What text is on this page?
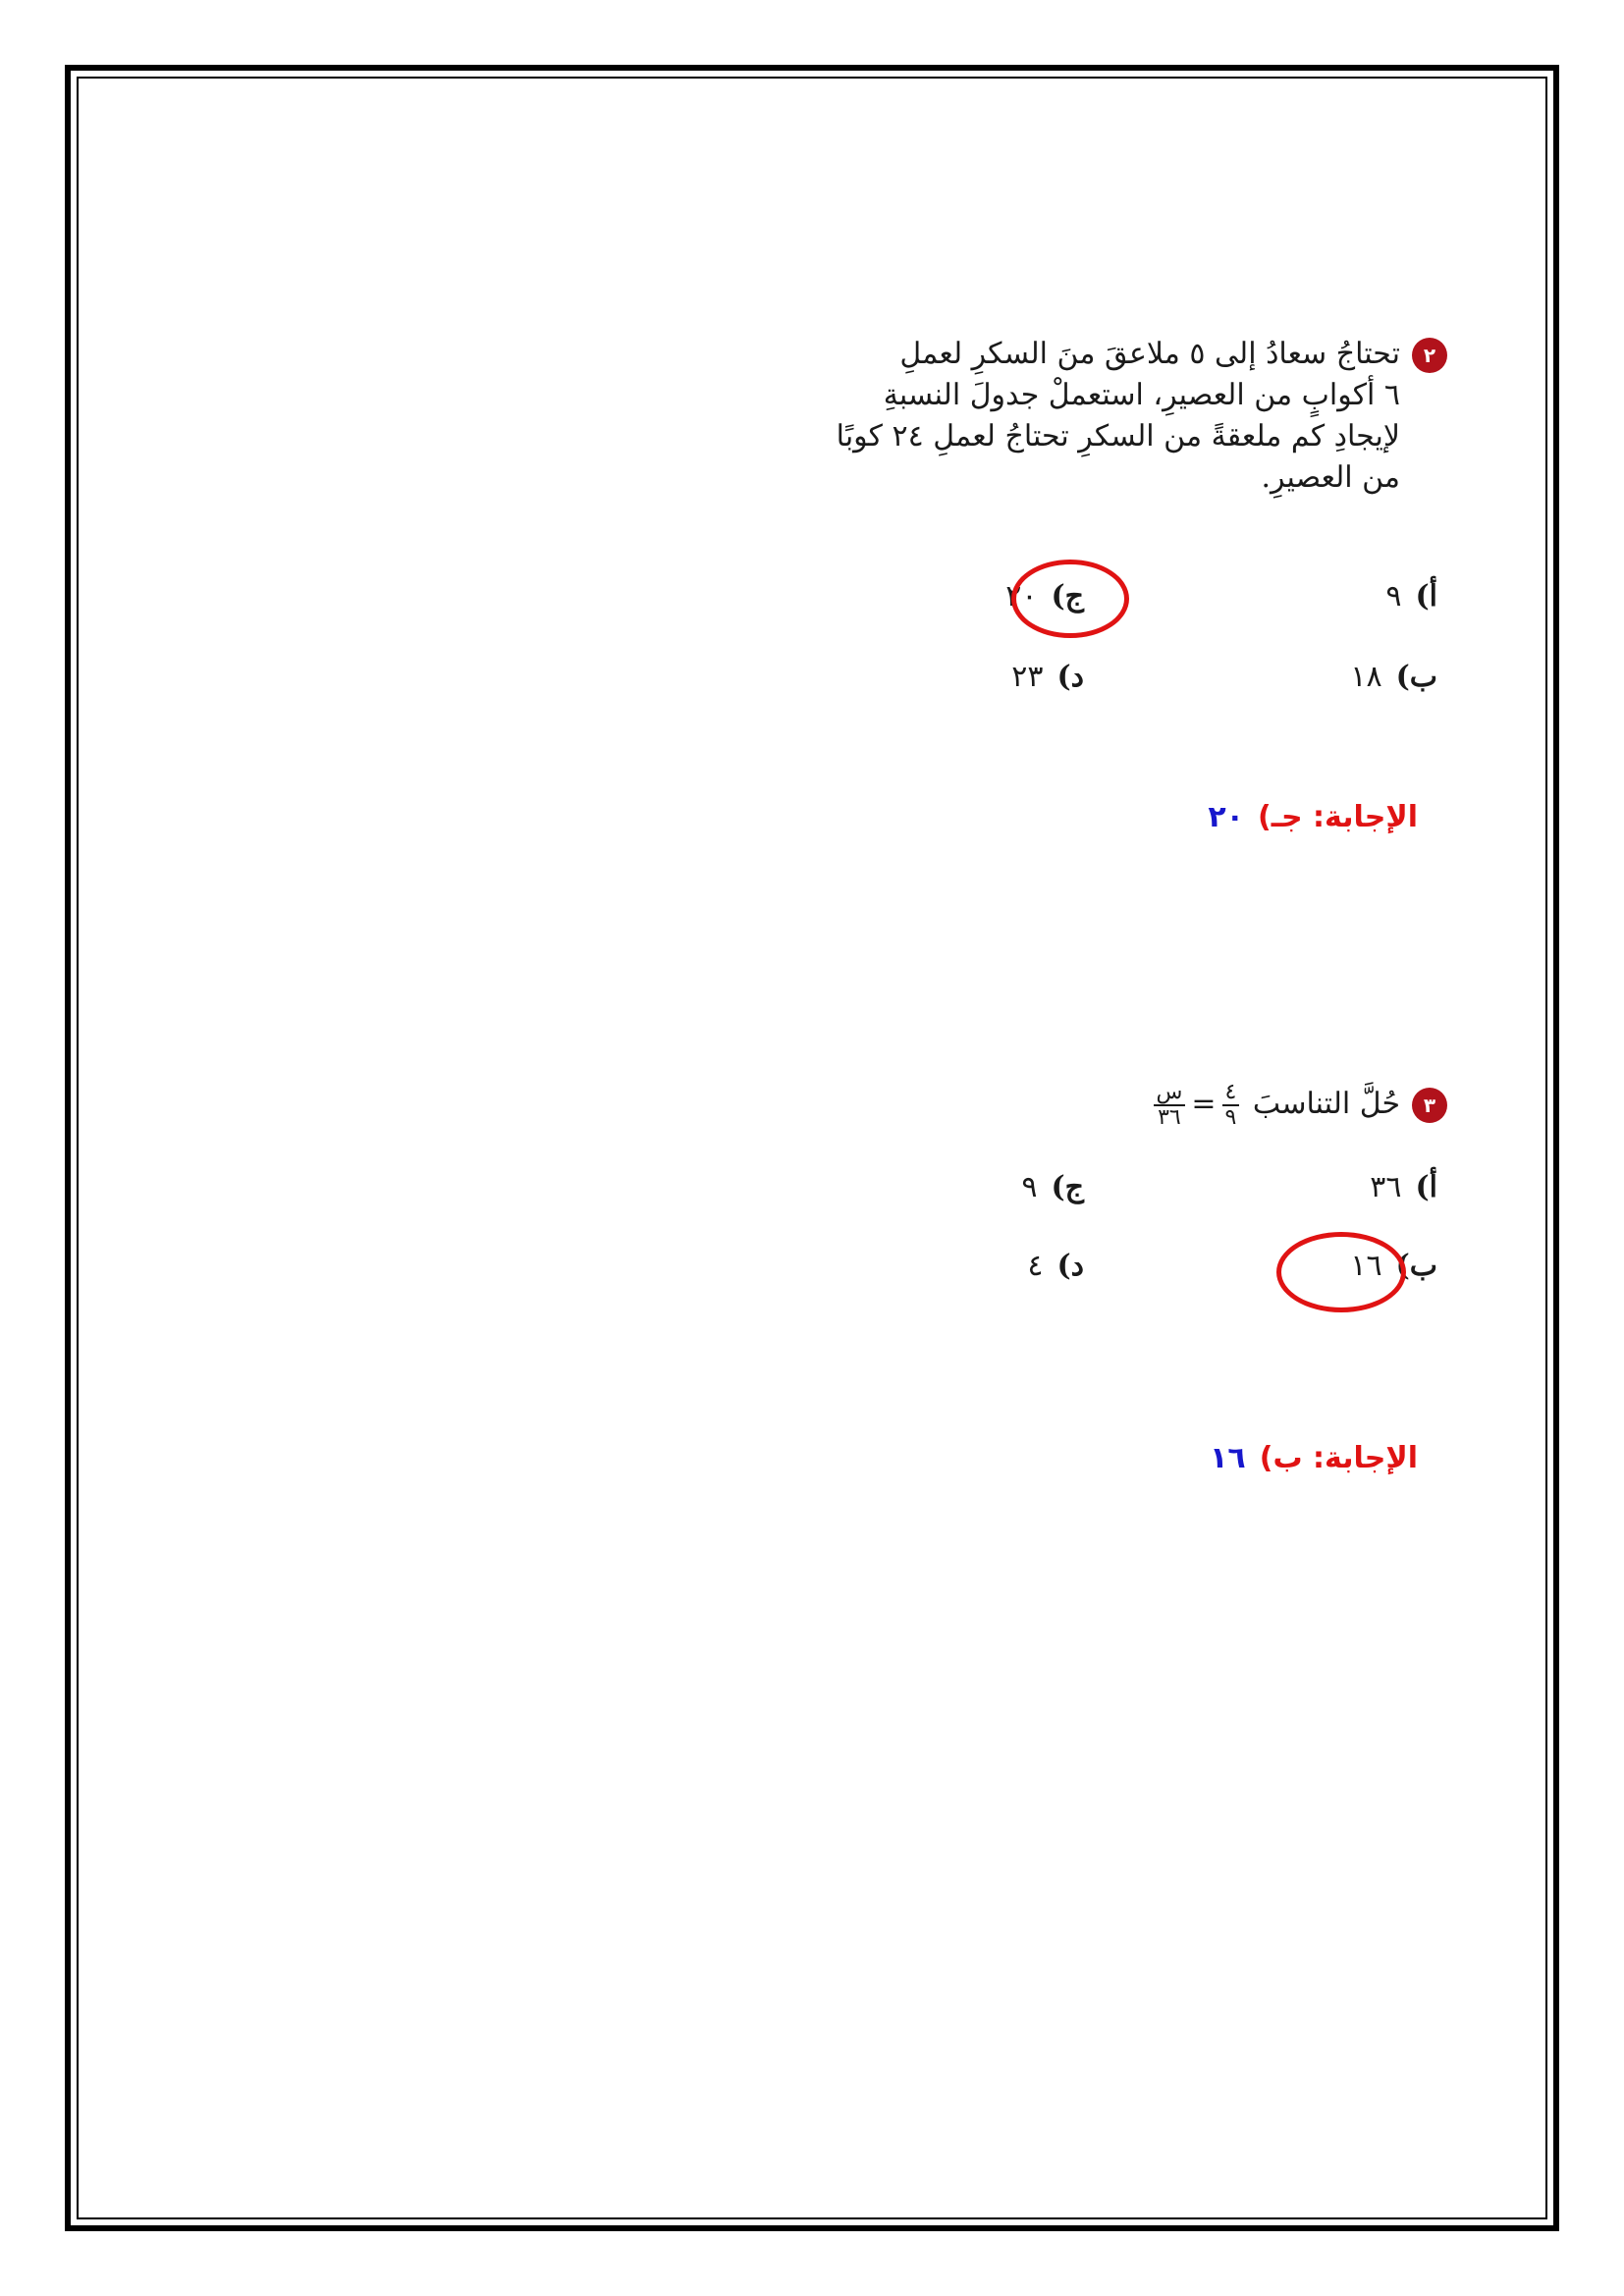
٢تحتاجُ سعادُ إلى ٥ ملاعقَ منَ السكرِ لعملِ
٦ أكوابٍ من العصيرِ، استعملْ جدولَ النسبةِ
لإيجادِ كم ملعقةً من السكرِ تحتاجُ لعملِ ٢٤ كوبًا
من العصيرِ.
أ)٩
ج)٢٠
ب)١٨
د)٢٣
الإجابة: جـ)٢٠
٣حُلَّ التناسبَ
$\frac{٤}{٩}$
=
$\frac{\text{س}}{٣٦}$
أ)٣٦
ج)٩
ب)١٦
د)٤
الإجابة: ب)١٦
